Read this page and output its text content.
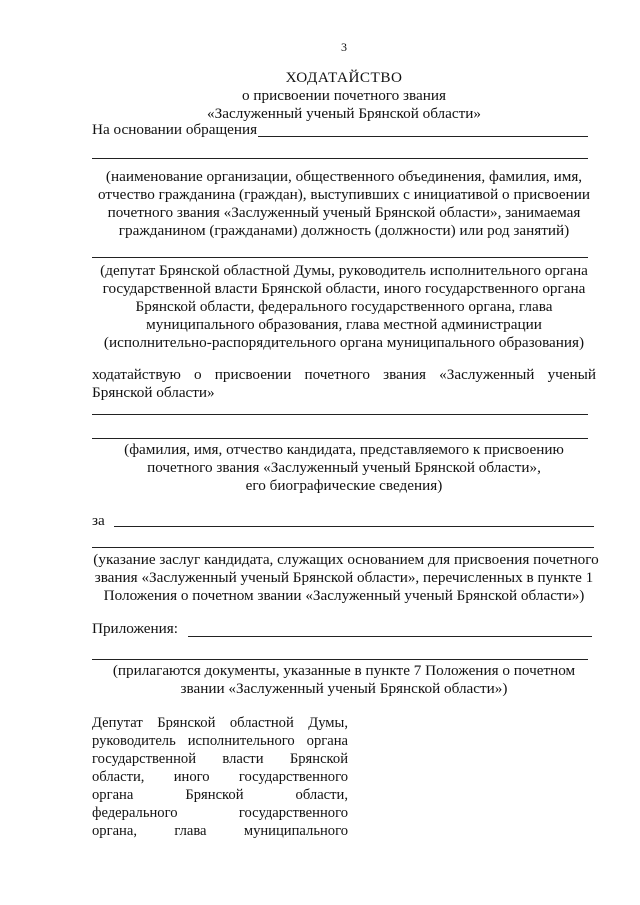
3
ХОДАТАЙСТВО
о присвоении почетного звания
«Заслуженный ученый Брянской области»
На основании обращения
(наименование организации, общественного объединения, фамилия, имя,
отчество гражданина (граждан), выступивших с инициативой о присвоении
почетного звания «Заслуженный ученый Брянской области», занимаемая
гражданином (гражданами) должность (должности) или род занятий)
(депутат Брянской областной Думы, руководитель исполнительного органа
государственной власти Брянской области, иного государственного органа
Брянской области, федерального государственного органа, глава
муниципального образования, глава местной администрации
(исполнительно-распорядительного органа муниципального образования)
ходатайствую о присвоении почетного звания «Заслуженный ученый
Брянской области»
(фамилия, имя, отчество кандидата, представляемого к присвоению
почетного звания «Заслуженный ученый Брянской области»,
его биографические сведения)
за
(указание заслуг кандидата, служащих основанием для присвоения почетного
звания «Заслуженный ученый Брянской области», перечисленных в пункте 1
Положения о почетном звании «Заслуженный ученый Брянской области»)
Приложения:
(прилагаются документы, указанные в пункте 7 Положения о почетном
звании «Заслуженный ученый Брянской области»)
Депутат Брянской областной Думы,
руководитель исполнительного органа
государственной власти Брянской
области, иного государственного
органа Брянской области,
федерального государственного
органа, глава муниципального
